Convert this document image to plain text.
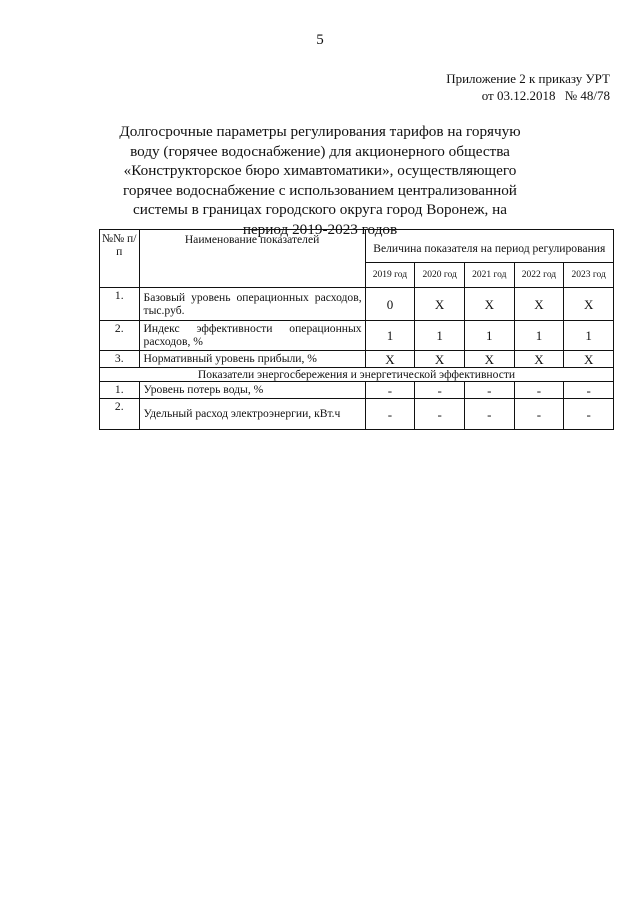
5
Приложение 2 к приказу УРТ
от 03.12.2018 № 48/78
Долгосрочные параметры регулирования тарифов на горячую воду (горячее водоснабжение) для акционерного общества «Конструкторское бюро химавтоматики», осуществляющего горячее водоснабжение с использованием централизованной системы в границах городского округа город Воронеж, на период 2019-2023 годов
№№ п/п	Наименование показателей	Величина показателя на период регулирования				
		2019 год	2020 год	2021 год	2022 год	2023 год
1.	Базовый уровень операционных расходов, тыс.руб.	0	X	X	X	X
2.	Индекс эффективности операционных расходов, %	1	1	1	1	1
3.	Нормативный уровень прибыли, %	X	X	X	X	X
Показатели энергосбережения и энергетической эффективности						
1.	Уровень потерь воды, %	-	-	-	-	-
2.	Удельный расход электроэнергии, кВт.ч	-	-	-	-	-
